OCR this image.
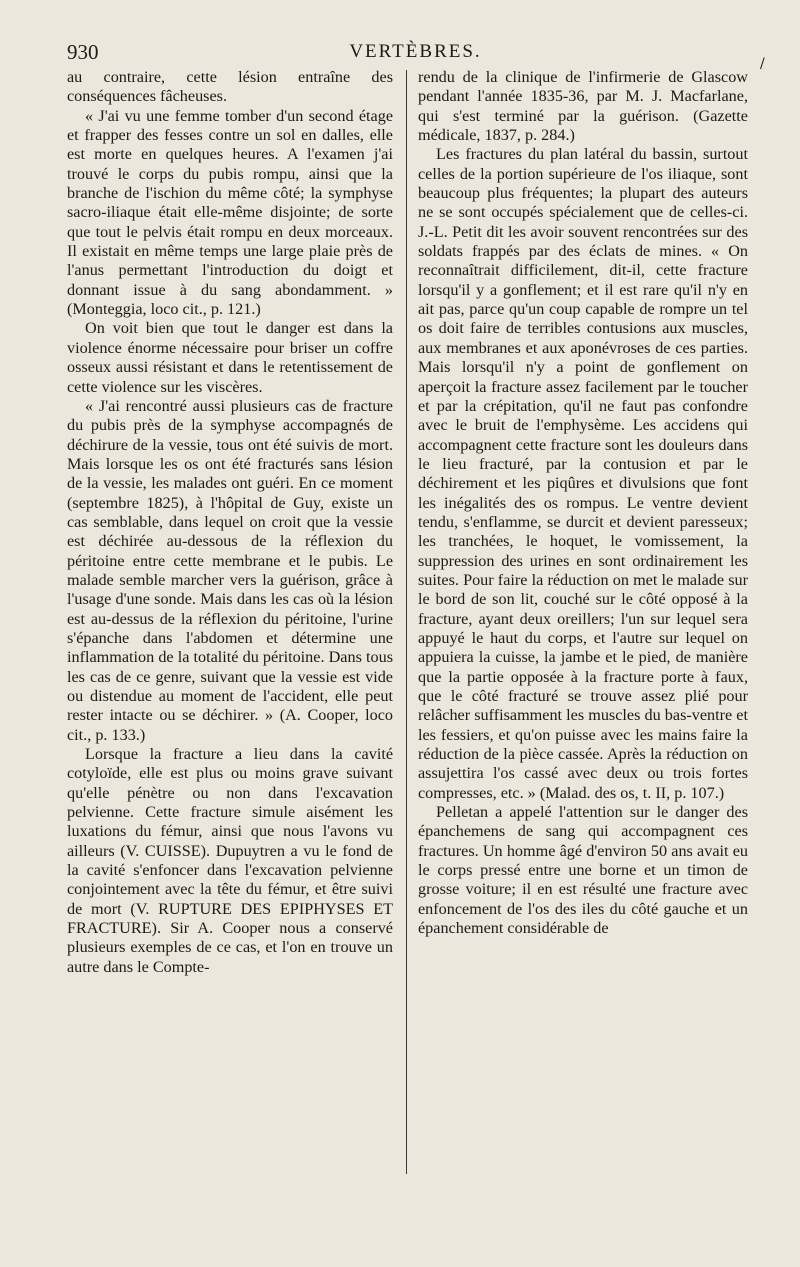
930	VERTÈBRES.
/

au contraire, cette lésion entraîne des conséquences fâcheuses.

« J'ai vu une femme tomber d'un second étage et frapper des fesses contre un sol en dalles, elle est morte en quelques heures. A l'examen j'ai trouvé le corps du pubis rompu, ainsi que la branche de l'ischion du même côté; la symphyse sacro-iliaque était elle-même disjointe; de sorte que tout le pelvis était rompu en deux morceaux. Il existait en même temps une large plaie près de l'anus permettant l'introduction du doigt et donnant issue à du sang abondamment. » (Monteggia, loco cit., p. 121.)

On voit bien que tout le danger est dans la violence énorme nécessaire pour briser un coffre osseux aussi résistant et dans le retentissement de cette violence sur les viscères.

« J'ai rencontré aussi plusieurs cas de fracture du pubis près de la symphyse accompagnés de déchirure de la vessie, tous ont été suivis de mort. Mais lorsque les os ont été fracturés sans lésion de la vessie, les malades ont guéri. En ce moment (septembre 1825), à l'hôpital de Guy, existe un cas semblable, dans lequel on croit que la vessie est déchirée au-dessous de la réflexion du péritoine entre cette membrane et le pubis. Le malade semble marcher vers la guérison, grâce à l'usage d'une sonde. Mais dans les cas où la lésion est au-dessus de la réflexion du péritoine, l'urine s'épanche dans l'abdomen et détermine une inflammation de la totalité du péritoine. Dans tous les cas de ce genre, suivant que la vessie est vide ou distendue au moment de l'accident, elle peut rester intacte ou se déchirer. » (A. Cooper, loco cit., p. 133.)

Lorsque la fracture a lieu dans la cavité cotyloïde, elle est plus ou moins grave suivant qu'elle pénètre ou non dans l'excavation pelvienne. Cette fracture simule aisément les luxations du fémur, ainsi que nous l'avons vu ailleurs (V. CUISSE). Dupuytren a vu le fond de la cavité s'enfoncer dans l'excavation pelvienne conjointement avec la tête du fémur, et être suivi de mort (V. RUPTURE DES EPIPHYSES ET FRACTURE). Sir A. Cooper nous a conservé plusieurs exemples de ce cas, et l'on en trouve un autre dans le Compte-

rendu de la clinique de l'infirmerie de Glascow pendant l'année 1835-36, par M. J. Macfarlane, qui s'est terminé par la guérison. (Gazette médicale, 1837, p. 284.)

Les fractures du plan latéral du bassin, surtout celles de la portion supérieure de l'os iliaque, sont beaucoup plus fréquentes; la plupart des auteurs ne se sont occupés spécialement que de celles-ci. J.-L. Petit dit les avoir souvent rencontrées sur des soldats frappés par des éclats de mines. « On reconnaîtrait difficilement, dit-il, cette fracture lorsqu'il y a gonflement; et il est rare qu'il n'y en ait pas, parce qu'un coup capable de rompre un tel os doit faire de terribles contusions aux muscles, aux membranes et aux aponévroses de ces parties. Mais lorsqu'il n'y a point de gonflement on aperçoit la fracture assez facilement par le toucher et par la crépitation, qu'il ne faut pas confondre avec le bruit de l'emphysème. Les accidens qui accompagnent cette fracture sont les douleurs dans le lieu fracturé, par la contusion et par le déchirement et les piqûres et divulsions que font les inégalités des os rompus. Le ventre devient tendu, s'enflamme, se durcit et devient paresseux; les tranchées, le hoquet, le vomissement, la suppression des urines en sont ordinairement les suites. Pour faire la réduction on met le malade sur le bord de son lit, couché sur le côté opposé à la fracture, ayant deux oreillers; l'un sur lequel sera appuyé le haut du corps, et l'autre sur lequel on appuiera la cuisse, la jambe et le pied, de manière que la partie opposée à la fracture porte à faux, que le côté fracturé se trouve assez plié pour relâcher suffisamment les muscles du bas-ventre et les fessiers, et qu'on puisse avec les mains faire la réduction de la pièce cassée. Après la réduction on assujettira l'os cassé avec deux ou trois fortes compresses, etc. » (Malad. des os, t. II, p. 107.)

Pelletan a appelé l'attention sur le danger des épanchemens de sang qui accompagnent ces fractures. Un homme âgé d'environ 50 ans avait eu le corps pressé entre une borne et un timon de grosse voiture; il en est résulté une fracture avec enfoncement de l'os des iles du côté gauche et un épanchement considérable de
